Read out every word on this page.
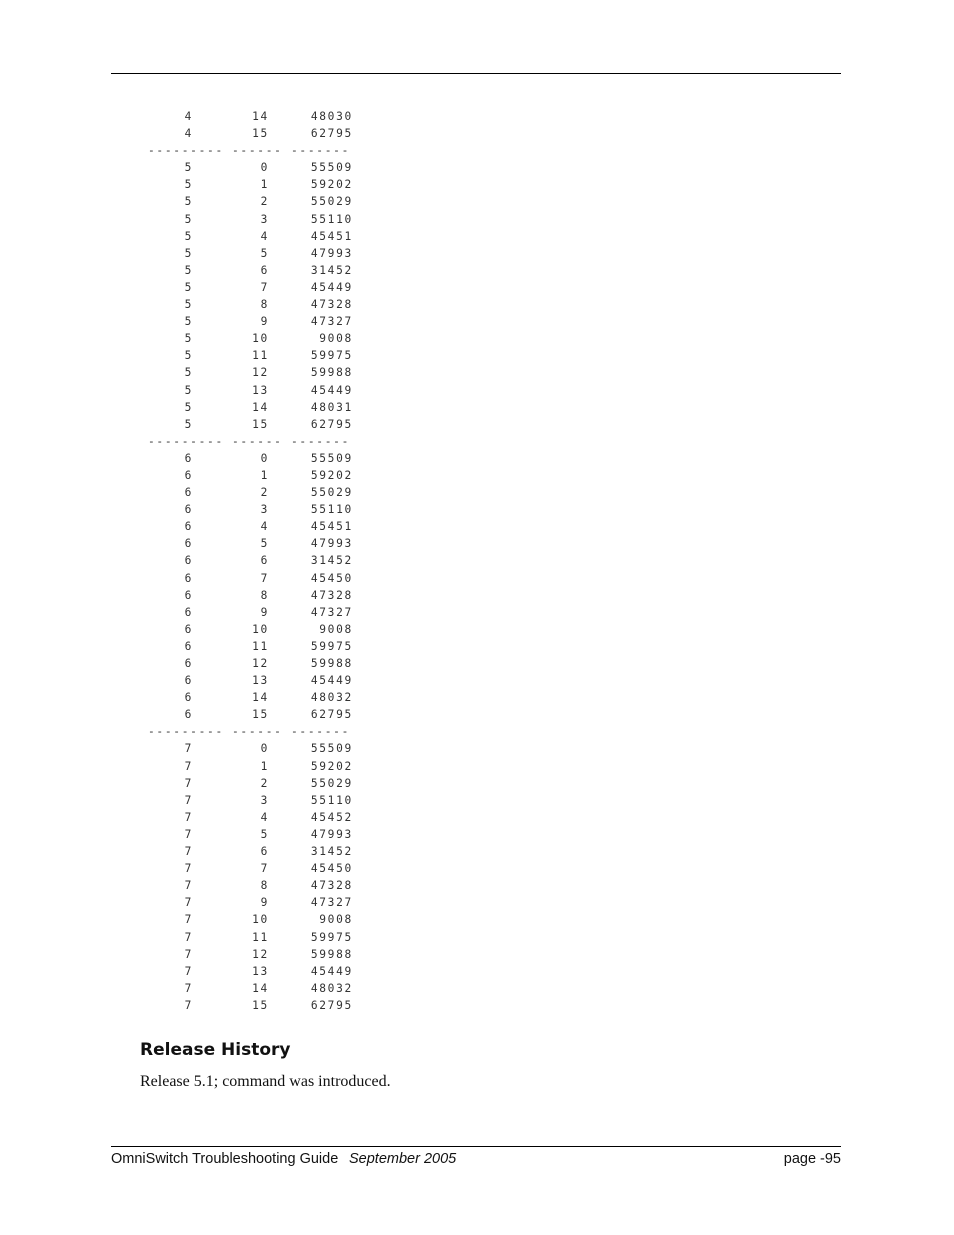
4	14	48030
4	15	62795
--------- ------ -------
5	0	55509
5	1	59202
5	2	55029
5	3	55110
5	4	45451
5	5	47993
5	6	31452
5	7	45449
5	8	47328
5	9	47327
5	10	9008
5	11	59975
5	12	59988
5	13	45449
5	14	48031
5	15	62795
--------- ------ -------
6	0	55509
6	1	59202
6	2	55029
6	3	55110
6	4	45451
6	5	47993
6	6	31452
6	7	45450
6	8	47328
6	9	47327
6	10	9008
6	11	59975
6	12	59988
6	13	45449
6	14	48032
6	15	62795
--------- ------ -------
7	0	55509
7	1	59202
7	2	55029
7	3	55110
7	4	45452
7	5	47993
7	6	31452
7	7	45450
7	8	47328
7	9	47327
7	10	9008
7	11	59975
7	12	59988
7	13	45449
7	14	48032
7	15	62795
Release History
Release 5.1; command was introduced.
OmniSwitch Troubleshooting Guide September 2005	page -95
